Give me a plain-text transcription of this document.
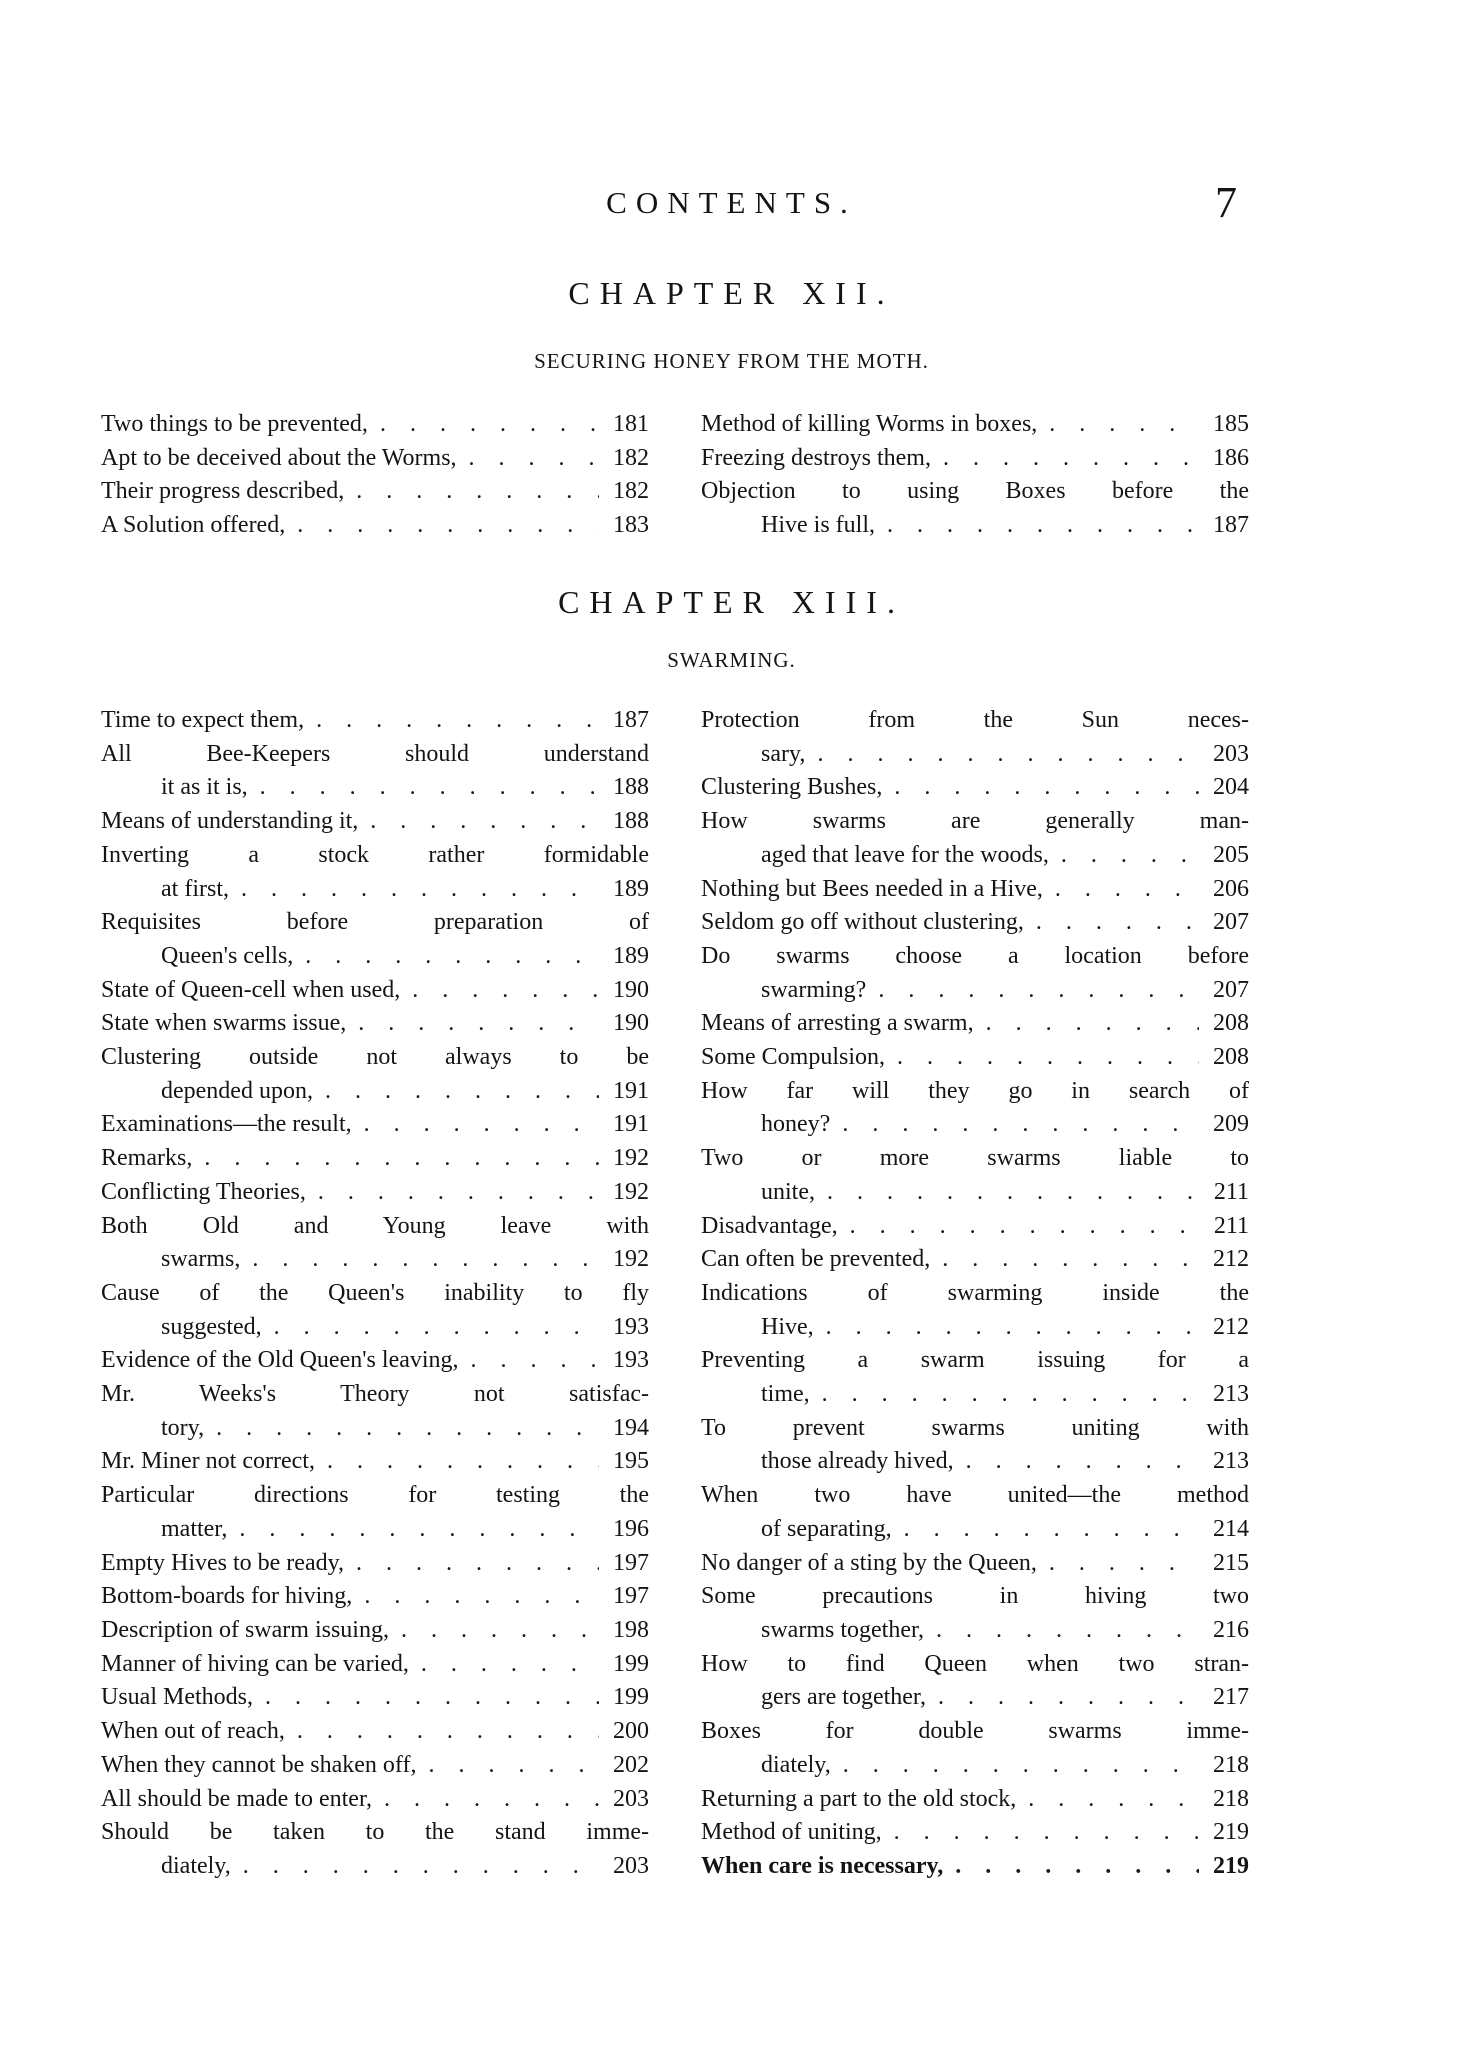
CONTENTS.	7
CHAPTER XII.
SECURING HONEY FROM THE MOTH.
Two things to be prevented, . . .	181
Apt to be deceived about the Worms, . . .	182
Their progress described, . . .	182
A Solution offered, . . .	183
Method of killing Worms in boxes, . . .	185
Freezing destroys them, . . .	186
Objection to using Boxes before the
Hive is full, . . .	187
CHAPTER XIII.
SWARMING.
Time to expect them, . . .	187
All Bee-Keepers should understand
it as it is, . . .	188
Means of understanding it, . . .	188
Inverting a stock rather formidable
at first, . . .	189
Requisites before preparation of
Queen's cells, . . .	189
State of Queen-cell when used, . . .	190
State when swarms issue, . . .	190
Clustering outside not always to be
depended upon, . . .	191
Examinations—the result, . . .	191
Remarks, . . .	192
Conflicting Theories, . . .	192
Both Old and Young leave with
swarms, . . .	192
Cause of the Queen's inability to fly
suggested, . . .	193
Evidence of the Old Queen's leaving, . . .	193
Mr. Weeks's Theory not satisfac-
tory, . . .	194
Mr. Miner not correct, . . .	195
Particular directions for testing the
matter, . . .	196
Empty Hives to be ready, . . .	197
Bottom-boards for hiving, . . .	197
Description of swarm issuing, . . .	198
Manner of hiving can be varied, . . .	199
Usual Methods, . . .	199
When out of reach, . . .	200
When they cannot be shaken off, . . .	202
All should be made to enter, . . .	203
Should be taken to the stand imme-
diately, . . .	203
Protection from the Sun neces-
sary, . . .	203
Clustering Bushes, . . .	204
How swarms are generally man-
aged that leave for the woods, . . .	205
Nothing but Bees needed in a Hive, . . .	206
Seldom go off without clustering, . . .	207
Do swarms choose a location before
swarming? . . .	207
Means of arresting a swarm, . . .	208
Some Compulsion, . . .	208
How far will they go in search of
honey? . . .	209
Two or more swarms liable to
unite, . . .	211
Disadvantage, . . .	211
Can often be prevented, . . .	212
Indications of swarming inside the
Hive, . . .	212
Preventing a swarm issuing for a
time, . . .	213
To prevent swarms uniting with
those already hived, . . .	213
When two have united—the method
of separating, . . .	214
No danger of a sting by the Queen, . . .	215
Some precautions in hiving two
swarms together, . . .	216
How to find Queen when two stran-
gers are together, . . .	217
Boxes for double swarms imme-
diately, . . .	218
Returning a part to the old stock, . . .	218
Method of uniting, . . .	219
When care is necessary, . . .	219
